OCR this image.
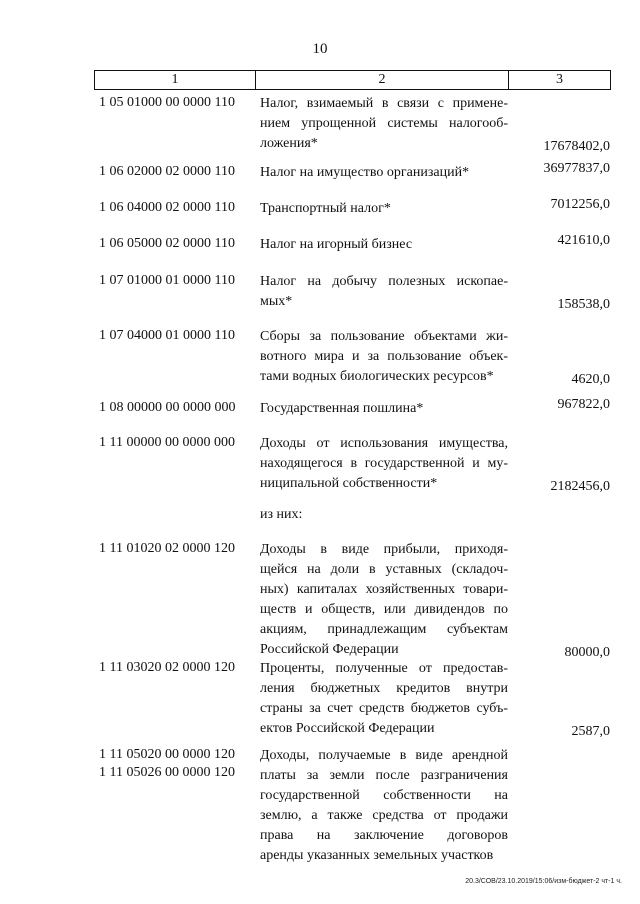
10
1	2	3
1 05 01000 00 0000 110	Налог, взимаемый в связи с примене-
нием упрощенной системы налогооб-
ложения*	17678402,0
1 06 02000 02 0000 110	Налог на имущество организаций*	36977837,0
1 06 04000 02 0000 110	Транспортный налог*	7012256,0
1 06 05000 02 0000 110	Налог на игорный бизнес	421610,0
1 07 01000 01 0000 110	Налог на добычу полезных ископае-
мых*	158538,0
1 07 04000 01 0000 110	Сборы за пользование объектами жи-
вотного мира и за пользование объек-
тами водных биологических ресурсов*	4620,0
1 08 00000 00 0000 000	Государственная пошлина*	967822,0
1 11 00000 00 0000 000	Доходы от использования имущества,
находящегося в государственной и му-
ниципальной собственности*	2182456,0
из них:
1 11 01020 02 0000 120	Доходы в виде прибыли, приходя-
щейся на доли в уставных (складоч-
ных) капиталах хозяйственных товари-
ществ и обществ, или дивидендов по
акциям, принадлежащим субъектам
Российской Федерации	80000,0
1 11 03020 02 0000 120	Проценты, полученные от предостав-
ления бюджетных кредитов внутри
страны за счет средств бюджетов субъ-
ектов Российской Федерации	2587,0
1 11 05020 00 0000 120
1 11 05026 00 0000 120
Доходы, получаемые в виде арендной
платы за земли после разграничения
государственной собственности на
землю, а также средства от продажи
права на заключение договоров
аренды указанных земельных участков
20.3/СОВ/23.10.2019/15:06/изм-бюджет-2 чт-1 ч.
